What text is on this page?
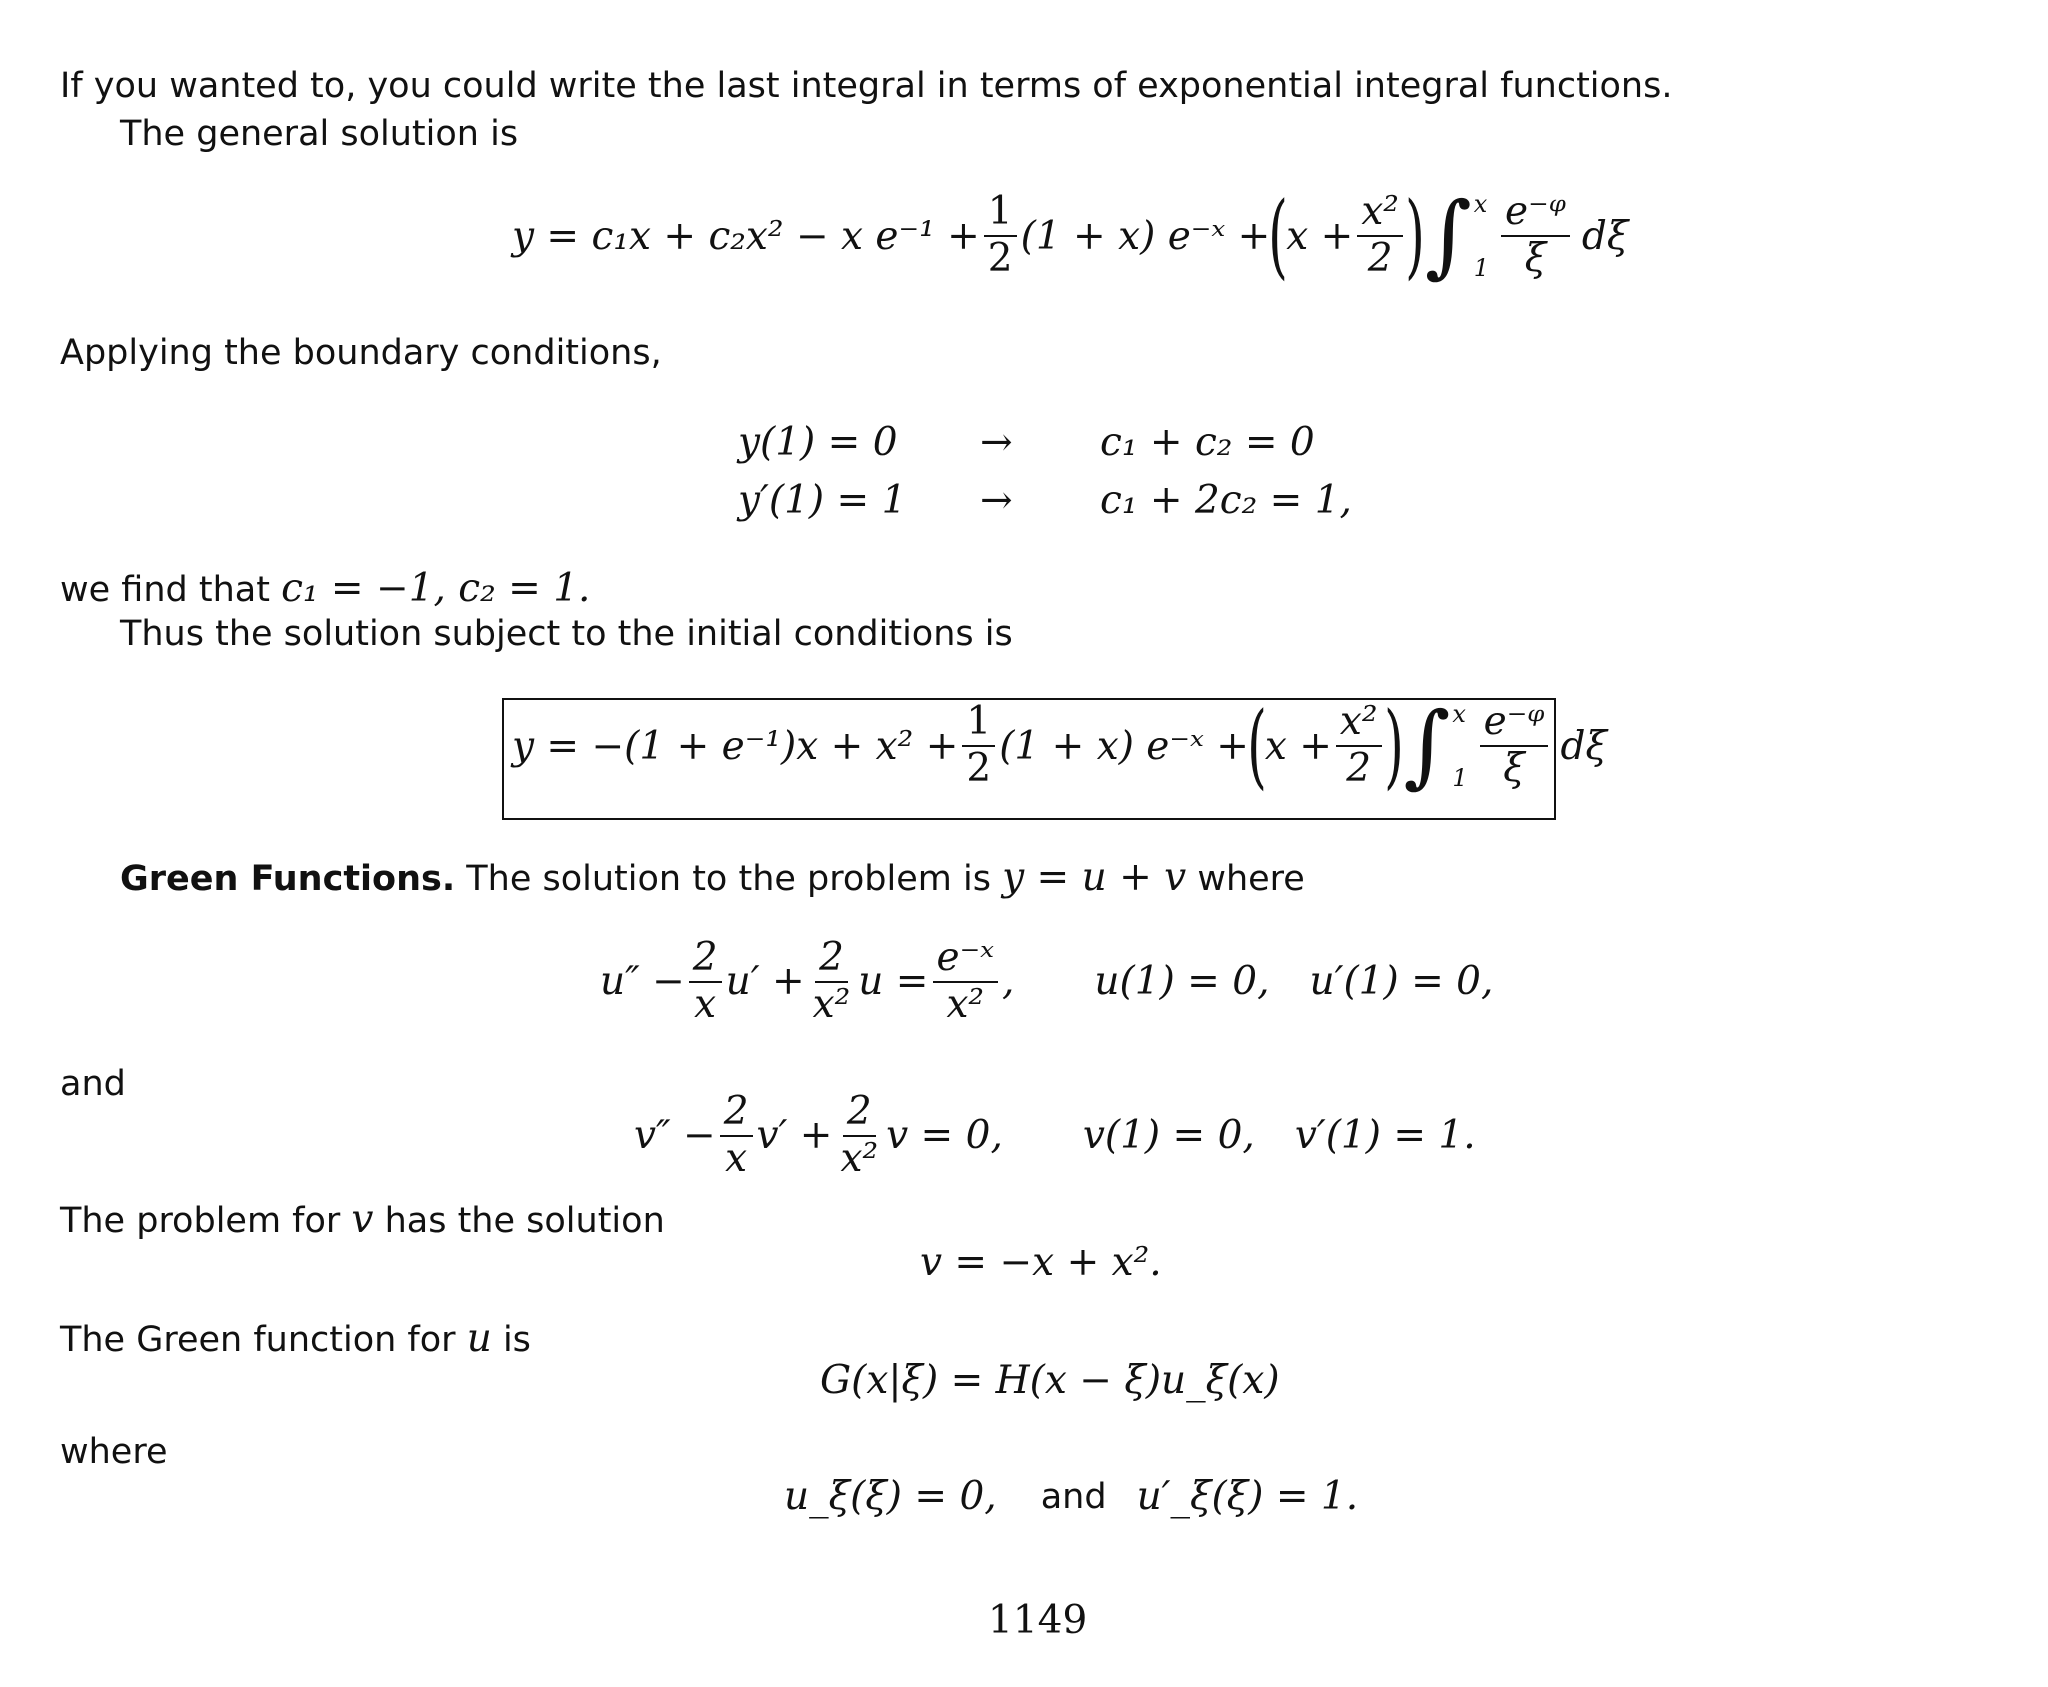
If you wanted to, you could write the last integral in terms of exponential integral functions.
The general solution is
y = c₁x + c₂x² − x $e^{-1} + \frac{1}{2} (1 + x)$ e⁻ˣ +
(
$x + \frac{\text{x²}}{2}$ ) ∫ x
$1 \frac{\text{e⁻ᵠ}}{\xi}$ dξ
Applying the boundary conditions,
y(1) = 0 → c₁ + c₂ = 0
y′(1) = 1 → c₁ + 2c₂ = 1,
we find that c₁ = −1, c₂ = 1.
Thus the solution subject to the initial conditions is
$y = -(1 + e^{-1})x + x^2 + \frac{1}{2} (1 + x)$ e⁻ˣ +
(
$x + \frac{\text{x²}}{2}$ ) ∫ x
$1 \frac{\text{e⁻ᵠ}}{\xi}$ dξ
Green Functions. The solution to the problem is y = u + v where
$u'' - \frac{2}{x} u' + \frac{2}{\text{x²}}$ $u = \frac{\text{e⁻ˣ}}{\text{x²}}$ , u(1) = 0, u′(1) = 0,
and
$v'' - \frac{2}{x} v' + \frac{2}{\text{x²}}$ v = 0, v(1) = 0, v′(1) = 1.
The problem for v has the solution
v = −x + x².
The Green function for u is
G(x|ξ) = H(x − ξ)u_ξ(x)
where
u_ξ(ξ) = 0, and u′_ξ(ξ) = 1.
1149
